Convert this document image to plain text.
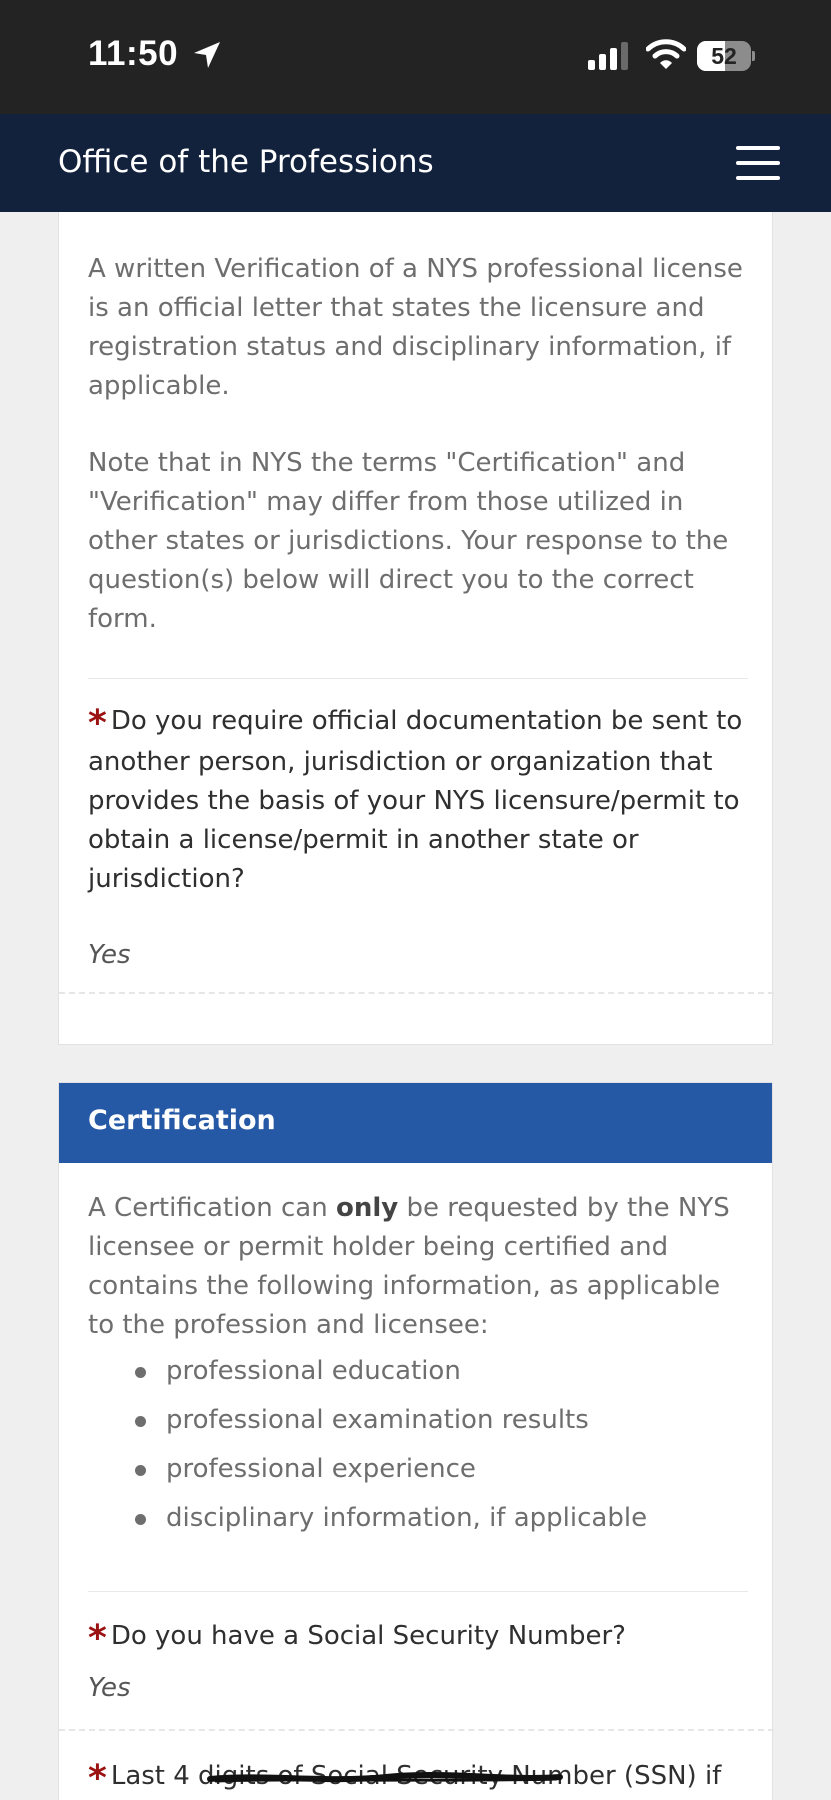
11:50	52
Office of the Professions

A written Verification of a NYS professional license is an official letter that states the licensure and registration status and disciplinary information, if applicable.

Note that in NYS the terms "Certification" and "Verification" may differ from those utilized in other states or jurisdictions. Your response to the question(s) below will direct you to the correct form.

* Do you require official documentation be sent to another person, jurisdiction or organization that provides the basis of your NYS licensure/permit to obtain a license/permit in another state or jurisdiction?

Yes

Certification

A Certification can only be requested by the NYS licensee or permit holder being certified and contains the following information, as applicable to the profession and licensee:

professional education
professional examination results
professional experience
disciplinary information, if applicable

* Do you have a Social Security Number?

Yes

* Last 4 digits of Social Security Number (SSN) if
